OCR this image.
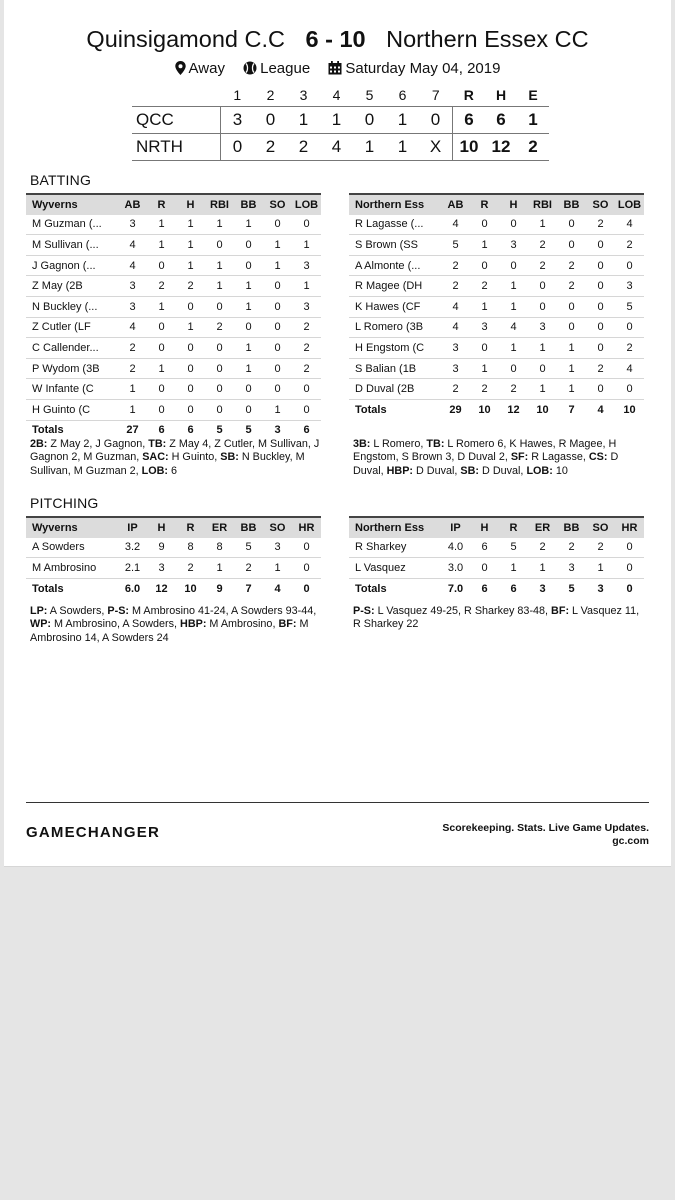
Quinsigamond C.C 6 - 10 Northern Essex CC
Away League Saturday May 04, 2019
	1	2	3	4	5	6	7	R	H	E
QCC	3	0	1	1	0	1	0	6	6	1
NRTH	0	2	2	4	1	1	X	10	12	2
BATTING
Wyverns	AB	R	H	RBI	BB	SO	LOB
M Guzman (...	3	1	1	1	1	0	0
M Sullivan (...	4	1	1	0	0	1	1
J Gagnon (...	4	0	1	1	0	1	3
Z May (2B	3	2	2	1	1	0	1
N Buckley (...	3	1	0	0	1	0	3
Z Cutler (LF	4	0	1	2	0	0	2
C Callender...	2	0	0	0	1	0	2
P Wydom (3B	2	1	0	0	1	0	2
W Infante (C	1	0	0	0	0	0	0
H Guinto (C	1	0	0	0	0	1	0
Totals	27	6	6	5	5	3	6
Northern Ess	AB	R	H	RBI	BB	SO	LOB
R Lagasse (...	4	0	0	1	0	2	4
S Brown (SS	5	1	3	2	0	0	2
A Almonte (...	2	0	0	2	2	0	0
R Magee (DH	2	2	1	0	2	0	3
K Hawes (CF	4	1	1	0	0	0	5
L Romero (3B	4	3	4	3	0	0	0
H Engstom (C	3	0	1	1	1	0	2
S Balian (1B	3	1	0	0	1	2	4
D Duval (2B	2	2	2	1	1	0	0
Totals	29	10	12	10	7	4	10
2B: Z May 2, J Gagnon, TB: Z May 4, Z Cutler, M Sullivan, J Gagnon 2, M Guzman, SAC: H Guinto, SB: N Buckley, M Sullivan, M Guzman 2, LOB: 6
3B: L Romero, TB: L Romero 6, K Hawes, R Magee, H Engstom, S Brown 3, D Duval 2, SF: R Lagasse, CS: D Duval, HBP: D Duval, SB: D Duval, LOB: 10
PITCHING
Wyverns	IP	H	R	ER	BB	SO	HR
A Sowders	3.2	9	8	8	5	3	0
M Ambrosino	2.1	3	2	1	2	1	0
Totals	6.0	12	10	9	7	4	0
Northern Ess	IP	H	R	ER	BB	SO	HR
R Sharkey	4.0	6	5	2	2	2	0
L Vasquez	3.0	0	1	1	3	1	0
Totals	7.0	6	6	3	5	3	0
LP: A Sowders, P-S: M Ambrosino 41-24, A Sowders 93-44, WP: M Ambrosino, A Sowders, HBP: M Ambrosino, BF: M Ambrosino 14, A Sowders 24
P-S: L Vasquez 49-25, R Sharkey 83-48, BF: L Vasquez 11, R Sharkey 22
GAMECHANGER	Scorekeeping. Stats. Live Game Updates.
gc.com
